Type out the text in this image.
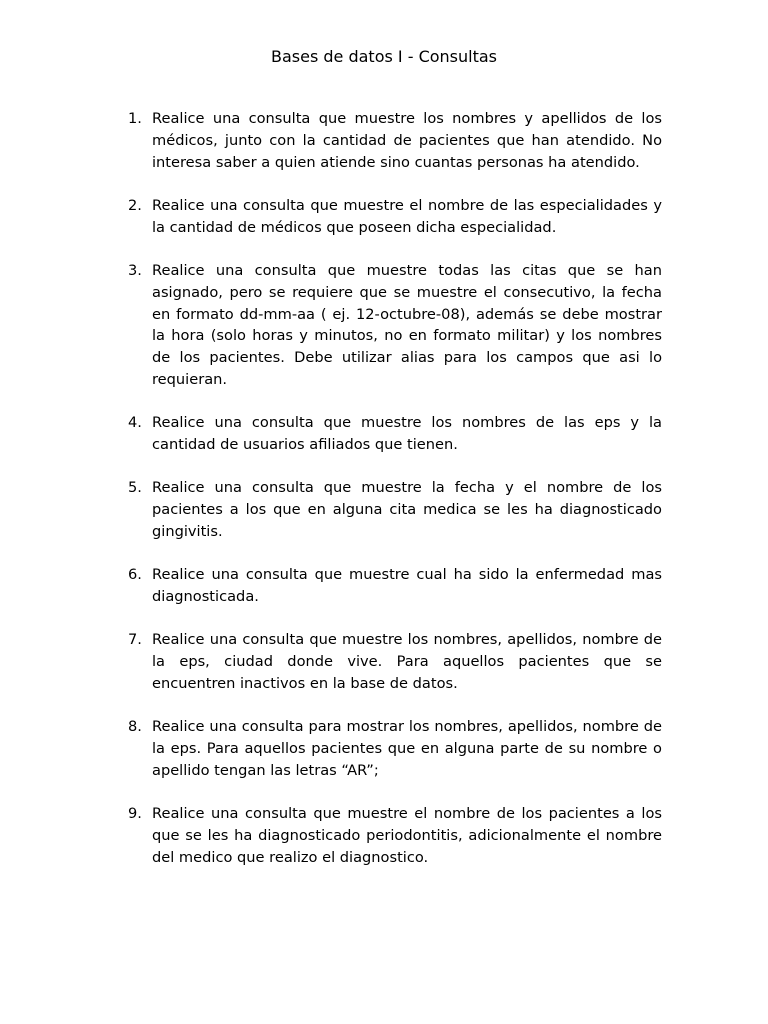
Bases de datos I - Consultas
1. Realice una consulta que muestre los nombres y apellidos de los médicos, junto con la cantidad de pacientes que han atendido. No interesa saber a quien atiende sino cuantas personas ha atendido.
2. Realice una consulta que muestre el nombre de las especialidades y la cantidad de médicos que poseen dicha especialidad.
3. Realice una consulta que muestre todas las citas que se han asignado, pero se requiere que se muestre el consecutivo, la fecha en formato dd-mm-aa ( ej. 12-octubre-08), además se debe mostrar la hora (solo horas y minutos, no en formato militar) y los nombres de los pacientes. Debe utilizar alias para los campos que asi lo requieran.
4. Realice una consulta que muestre los nombres de las eps y la cantidad de usuarios afiliados que tienen.
5. Realice una consulta que muestre la fecha y el nombre de los pacientes a los que en alguna cita medica se les ha diagnosticado gingivitis.
6. Realice una consulta que muestre cual ha sido la enfermedad mas diagnosticada.
7. Realice una consulta que muestre los nombres, apellidos, nombre de la eps, ciudad donde vive. Para aquellos pacientes que se encuentren inactivos en la base de datos.
8. Realice una consulta para mostrar los nombres, apellidos, nombre de la eps. Para aquellos pacientes que en alguna parte de su nombre o apellido tengan las letras “AR”;
9. Realice una consulta que muestre el nombre de los pacientes a los que se les ha diagnosticado periodontitis, adicionalmente el nombre del medico que realizo el diagnostico.
